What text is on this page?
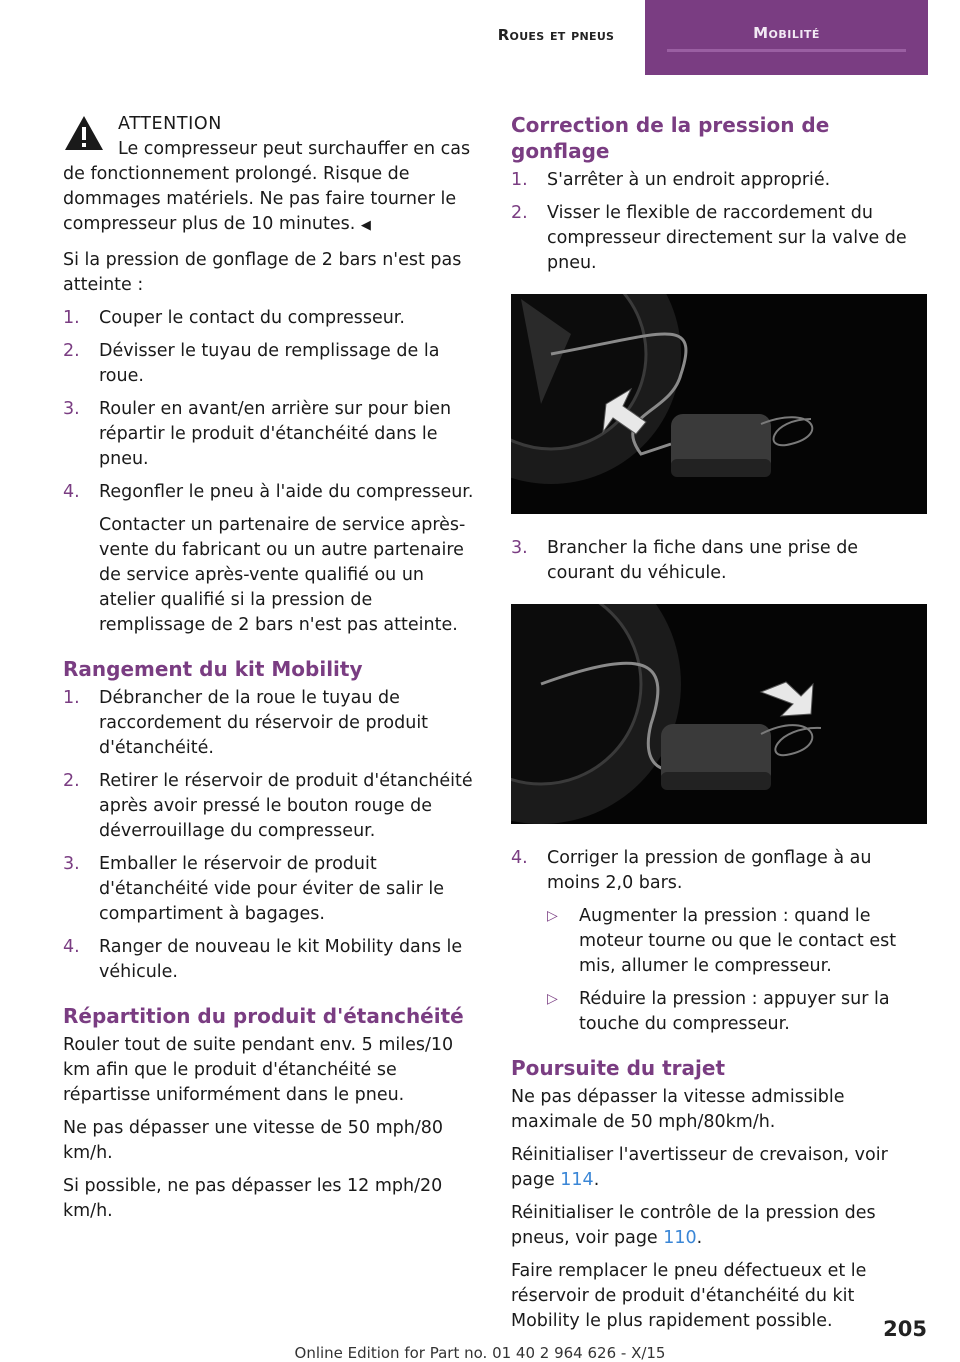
Roues et pneus	Mobilité
ATTENTION
Le compresseur peut surchauffer en cas
de fonctionnement prolongé. Risque de dommages matériels. Ne pas faire tourner le compresseur plus de 10 minutes. ◀

Si la pression de gonflage de 2 bars n'est pas atteinte :

1. Couper le contact du compresseur.
2. Dévisser le tuyau de remplissage de la roue.
3. Rouler en avant/en arrière sur pour bien répartir le produit d'étanchéité dans le pneu.
4. Regonfler le pneu à l'aide du compresseur.
Contacter un partenaire de service après-vente du fabricant ou un autre partenaire de service après-vente qualifié ou un atelier qualifié si la pression de remplissage de 2 bars n'est pas atteinte.
Rangement du kit Mobility
1. Débrancher de la roue le tuyau de raccordement du réservoir de produit d'étanchéité.
2. Retirer le réservoir de produit d'étanchéité après avoir pressé le bouton rouge de déverrouillage du compresseur.
3. Emballer le réservoir de produit d'étanchéité vide pour éviter de salir le compartiment à bagages.
4. Ranger de nouveau le kit Mobility dans le véhicule.
Répartition du produit d'étanchéité

Rouler tout de suite pendant env. 5 miles/10 km afin que le produit d'étanchéité se répartisse uniformément dans le pneu.

Ne pas dépasser une vitesse de 50 mph/80 km/h.

Si possible, ne pas dépasser les 12 mph/20 km/h.

Correction de la pression de gonflage
1. S'arrêter à un endroit approprié.
2. Visser le flexible de raccordement du compresseur directement sur la valve de pneu.
3. Brancher la fiche dans une prise de courant du véhicule.
4. Corriger la pression de gonflage à au moins 2,0 bars.
▷ Augmenter la pression : quand le moteur tourne ou que le contact est mis, allumer le compresseur.
▷ Réduire la pression : appuyer sur la touche du compresseur.
Poursuite du trajet

Ne pas dépasser la vitesse admissible maximale de 50 mph/80km/h.

Réinitialiser l'avertisseur de crevaison, voir page 114.

Réinitialiser le contrôle de la pression des pneus, voir page 110.

Faire remplacer le pneu défectueux et le réservoir de produit d'étanchéité du kit Mobility le plus rapidement possible.

Online Edition for Part no. 01 40 2 964 626 - X/15
205
